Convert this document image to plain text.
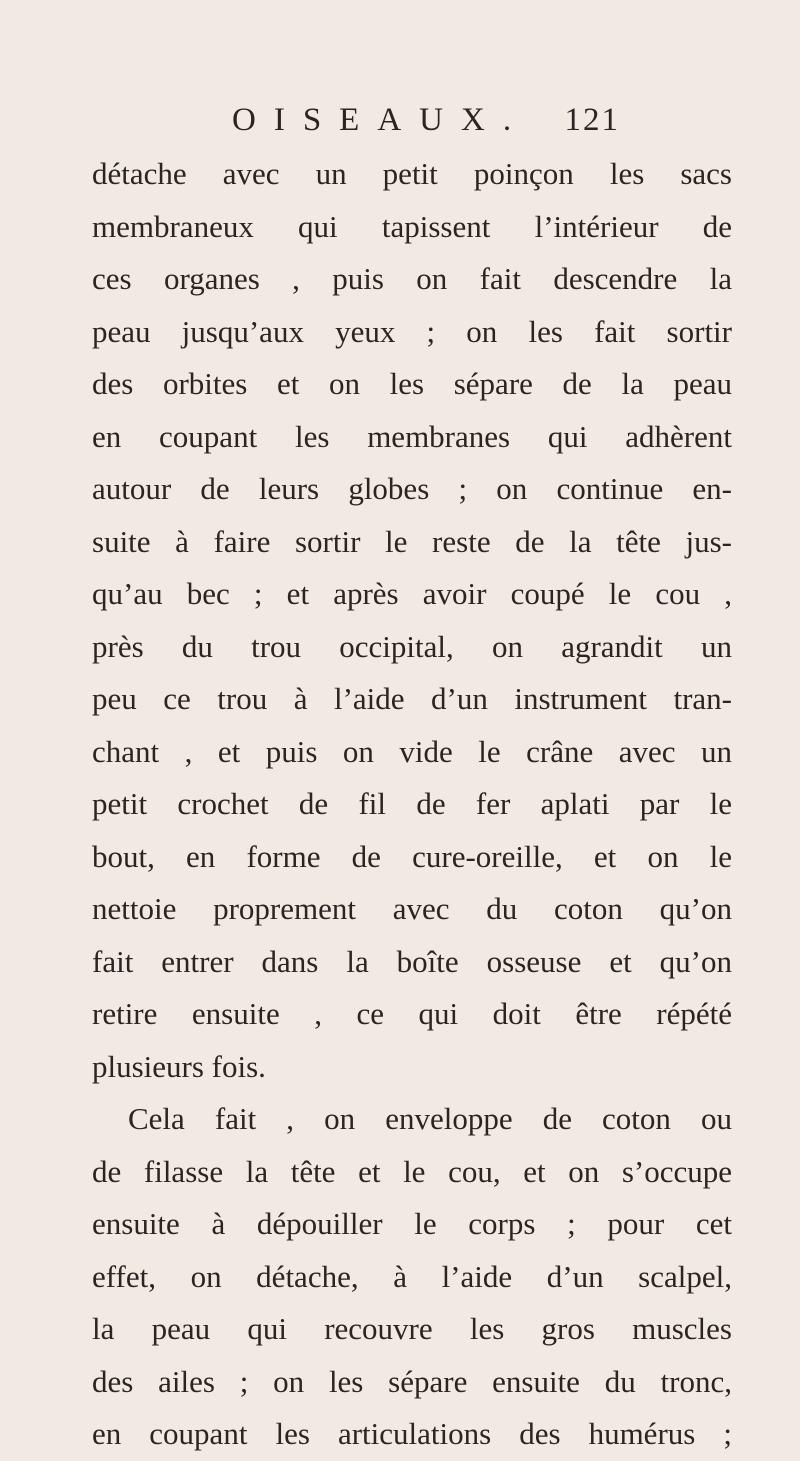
OISEAUX. 121
détache avec un petit poinçon les sacs
membraneux qui tapissent l’intérieur de
ces organes , puis on fait descendre la
peau jusqu’aux yeux ; on les fait sortir
des orbites et on les sépare de la peau
en coupant les membranes qui adhèrent
autour de leurs globes ; on continue en-
suite à faire sortir le reste de la tête jus-
qu’au bec ; et après avoir coupé le cou ,
près du trou occipital, on agrandit un
peu ce trou à l’aide d’un instrument tran-
chant , et puis on vide le crâne avec un
petit crochet de fil de fer aplati par le
bout, en forme de cure-oreille, et on le
nettoie proprement avec du coton qu’on
fait entrer dans la boîte osseuse et qu’on
retire ensuite , ce qui doit être répété
plusieurs fois.
Cela fait , on enveloppe de coton ou
de filasse la tête et le cou, et on s’occupe
ensuite à dépouiller le corps ; pour cet
effet, on détache, à l’aide d’un scalpel,
la peau qui recouvre les gros muscles
des ailes ; on les sépare ensuite du tronc,
en coupant les articulations des humérus ;
